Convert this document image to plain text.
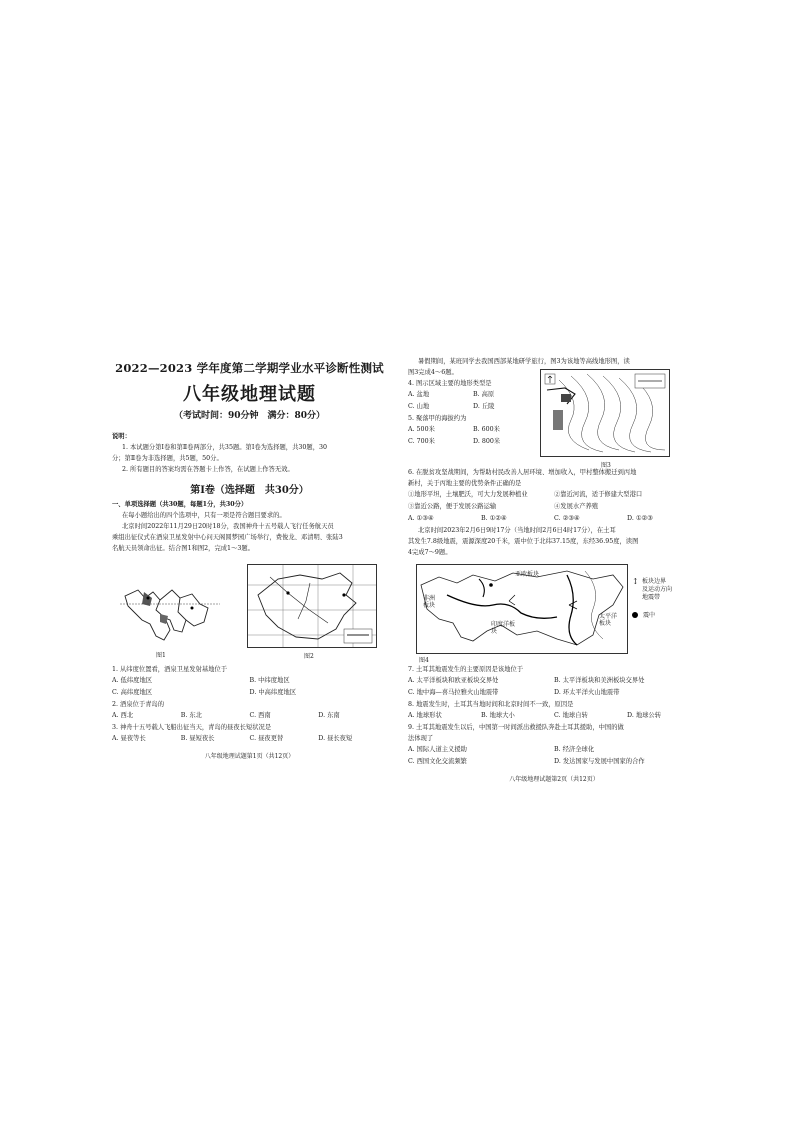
2022—2023 学年度第二学期学业水平诊断性测试
八年级地理试题
（考试时间：90分钟　满分：80分）

说明：

1. 本试题分第Ⅰ卷和第Ⅱ卷两部分，共35题。第Ⅰ卷为选择题，共30题，30

分；第Ⅱ卷为非选择题，共5题，50分。

2. 所有题目的答案均需在答题卡上作答，在试题上作答无效。

第Ⅰ卷（选择题　共30分）

一、单项选择题（共30题，每题1分，共30分）

在每小题给出的四个选项中，只有一项是符合题目要求的。

北京时间2022年11月29日20时18分，我国神舟十五号载人飞行任务航天员

乘组出征仪式在酒泉卫星发射中心问天阁圆梦园广场举行，费俊龙、邓清明、张陆3

名航天员领命出征。结合图1和图2，完成1～3题。

图1	图2

1. 从纬度位置看，酒泉卫星发射基地位于

A. 低纬度地区	B. 中纬度地区
C. 高纬度地区	D. 中高纬度地区

2. 酒泉位于青岛的

A. 西北	B. 东北	C. 西南	D. 东南

3. 神舟十五号载人飞船出征当天，青岛的昼夜长短状况是

A. 昼夜等长	B. 昼短夜长	C. 昼夜更替	D. 昼长夜短
八年级地理试题第1页（共12页）

暑假期间，某班同学去我国西部某地研学旅行，图3为该地等高线地形图，读

图3完成4～6题。

4. 图示区域主要的地形类型是

A. 盆地	B. 高原
C. 山地	D. 丘陵

5. 聚落甲的海拔约为

A. 500米	B. 600米
C. 700米	D. 800米
图3

6. 在脱贫攻坚战期间，为帮助村民改善人居环境、增加收入，甲村整体搬迁到丙地

新村，关于丙地主要的优势条件正确的是

①地形平坦，土壤肥沃，可大力发展种植业	②靠近河流，适于修建大型港口
③靠近公路，便于发展公路运输	④发展水产养殖
A. ①③④	B. ①②④	C. ②③④	D. ①②③

北京时间2023年2月6日9时17分（当地时间2月6日4时17分），在土耳

其发生7.8级地震，震源深度20千米，震中位于北纬37.15度，东经36.95度，读图

4完成7～9题。

亚欧板块
非洲板块
印度洋板块
太平洋板块
图4
↕ 板块边界
及运动方向
地震带
震中

7. 土耳其地震发生的主要原因是该地位于

A. 太平洋板块和欧亚板块交界处	B. 太平洋板块和美洲板块交界处
C. 地中海—喜马拉雅火山地震带	D. 环太平洋火山地震带

8. 地震发生时，土耳其当地时间和北京时间不一致，原因是

A. 地球形状	B. 地球大小	C. 地球自转	D. 地球公转

9. 土耳其地震发生以后，中国第一时间派出救援队奔赴土耳其援助，中国的做

法体现了

A. 国际人道主义援助	B. 经济全球化
C. 西国文化交流频繁	D. 发达国家与发展中国家的合作
八年级地理试题第2页（共12页）
